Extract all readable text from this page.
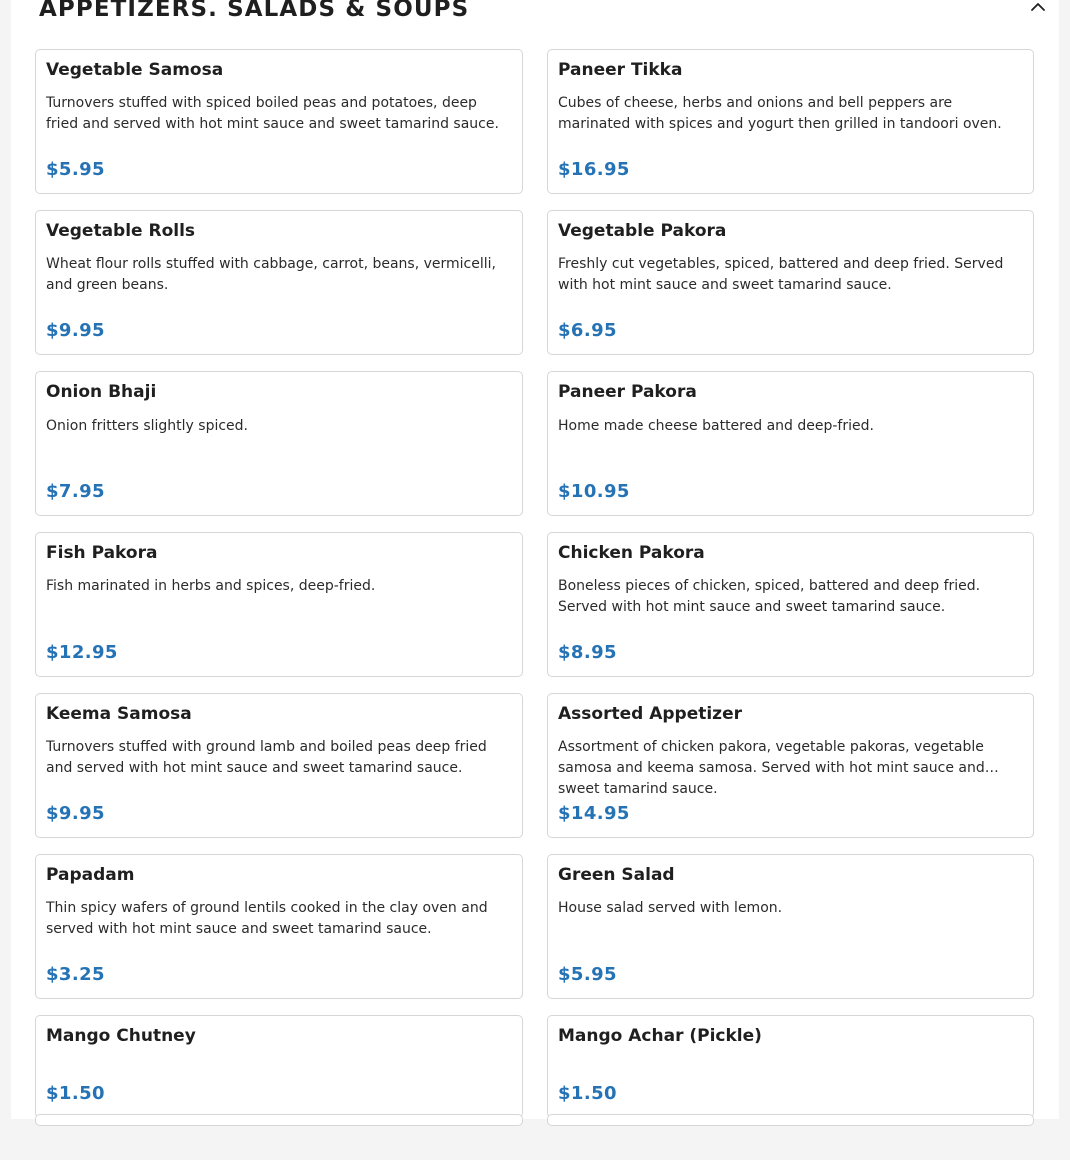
APPETIZERS. SALADS & SOUPS
Vegetable Samosa
Turnovers stuffed with spiced boiled peas and potatoes, deep fried and served with hot mint sauce and sweet tamarind sauce.
$5.95
Paneer Tikka
Cubes of cheese, herbs and onions and bell peppers are marinated with spices and yogurt then grilled in tandoori oven.
$16.95
Vegetable Rolls
Wheat flour rolls stuffed with cabbage, carrot, beans, vermicelli, and green beans.
$9.95
Vegetable Pakora
Freshly cut vegetables, spiced, battered and deep fried. Served with hot mint sauce and sweet tamarind sauce.
$6.95
Onion Bhaji
Onion fritters slightly spiced.
$7.95
Paneer Pakora
Home made cheese battered and deep-fried.
$10.95
Fish Pakora
Fish marinated in herbs and spices, deep-fried.
$12.95
Chicken Pakora
Boneless pieces of chicken, spiced, battered and deep fried. Served with hot mint sauce and sweet tamarind sauce.
$8.95
Keema Samosa
Turnovers stuffed with ground lamb and boiled peas deep fried and served with hot mint sauce and sweet tamarind sauce.
$9.95
Assorted Appetizer
Assortment of chicken pakora, vegetable pakoras, vegetable samosa and keema samosa. Served with hot mint sauce and sweet tamarind sauce.
$14.95
Papadam
Thin spicy wafers of ground lentils cooked in the clay oven and served with hot mint sauce and sweet tamarind sauce.
$3.25
Green Salad
House salad served with lemon.
$5.95
Mango Chutney
$1.50
Mango Achar (Pickle)
$1.50
